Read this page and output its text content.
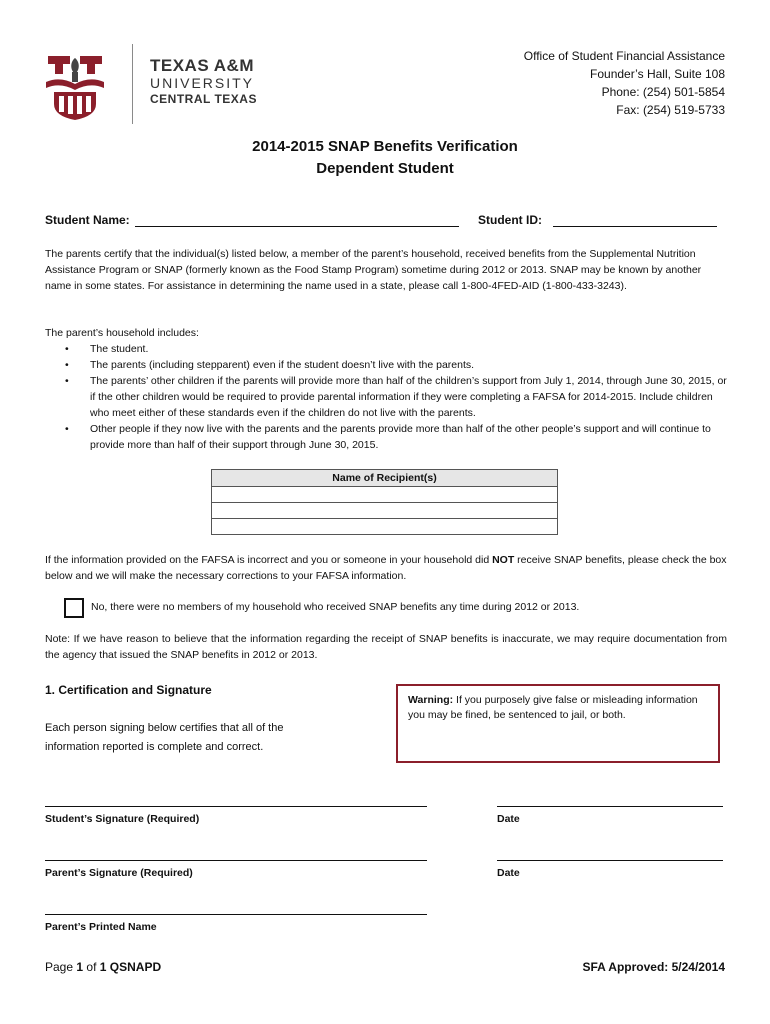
TEXAS A&M
UNIVERSITY
CENTRAL TEXAS
Office of Student Financial Assistance
Founder’s Hall, Suite 108
Phone: (254) 501-5854
Fax: (254) 519-5733
2014-2015 SNAP Benefits Verification
Dependent Student
Student Name:	Student ID:
The parents certify that the individual(s) listed below, a member of the parent’s household, received benefits from the Supplemental Nutrition Assistance Program or SNAP (formerly known as the Food Stamp Program) sometime during 2012 or 2013. SNAP may be known by another name in some states. For assistance in determining the name used in a state, please call 1-800-4FED-AID (1-800-433-3243).
The parent’s household includes:
• The student.
• The parents (including stepparent) even if the student doesn’t live with the parents.
• The parents’ other children if the parents will provide more than half of the children’s support from July 1, 2014, through June 30, 2015, or if the other children would be required to provide parental information if they were completing a FAFSA for 2014-2015. Include children who meet either of these standards even if the children do not live with the parents.
• Other people if they now live with the parents and the parents provide more than half of the other people’s support and will continue to provide more than half of their support through June 30, 2015.
Name of Recipient(s)

If the information provided on the FAFSA is incorrect and you or someone in your household did NOT receive SNAP benefits, please check the box below and we will make the necessary corrections to your FAFSA information.
No, there were no members of my household who received SNAP benefits any time during 2012 or 2013.
Note: If we have reason to believe that the information regarding the receipt of SNAP benefits is inaccurate, we may require documentation from the agency that issued the SNAP benefits in 2012 or 2013.
1. Certification and Signature
Each person signing below certifies that all of the information reported is complete and correct.
Warning: If you purposely give false or misleading information you may be fined, be sentenced to jail, or both.
Student’s Signature (Required)	Date
Parent’s Signature (Required)	Date
Parent’s Printed Name
Page 1 of 1 QSNAPD	SFA Approved: 5/24/2014
